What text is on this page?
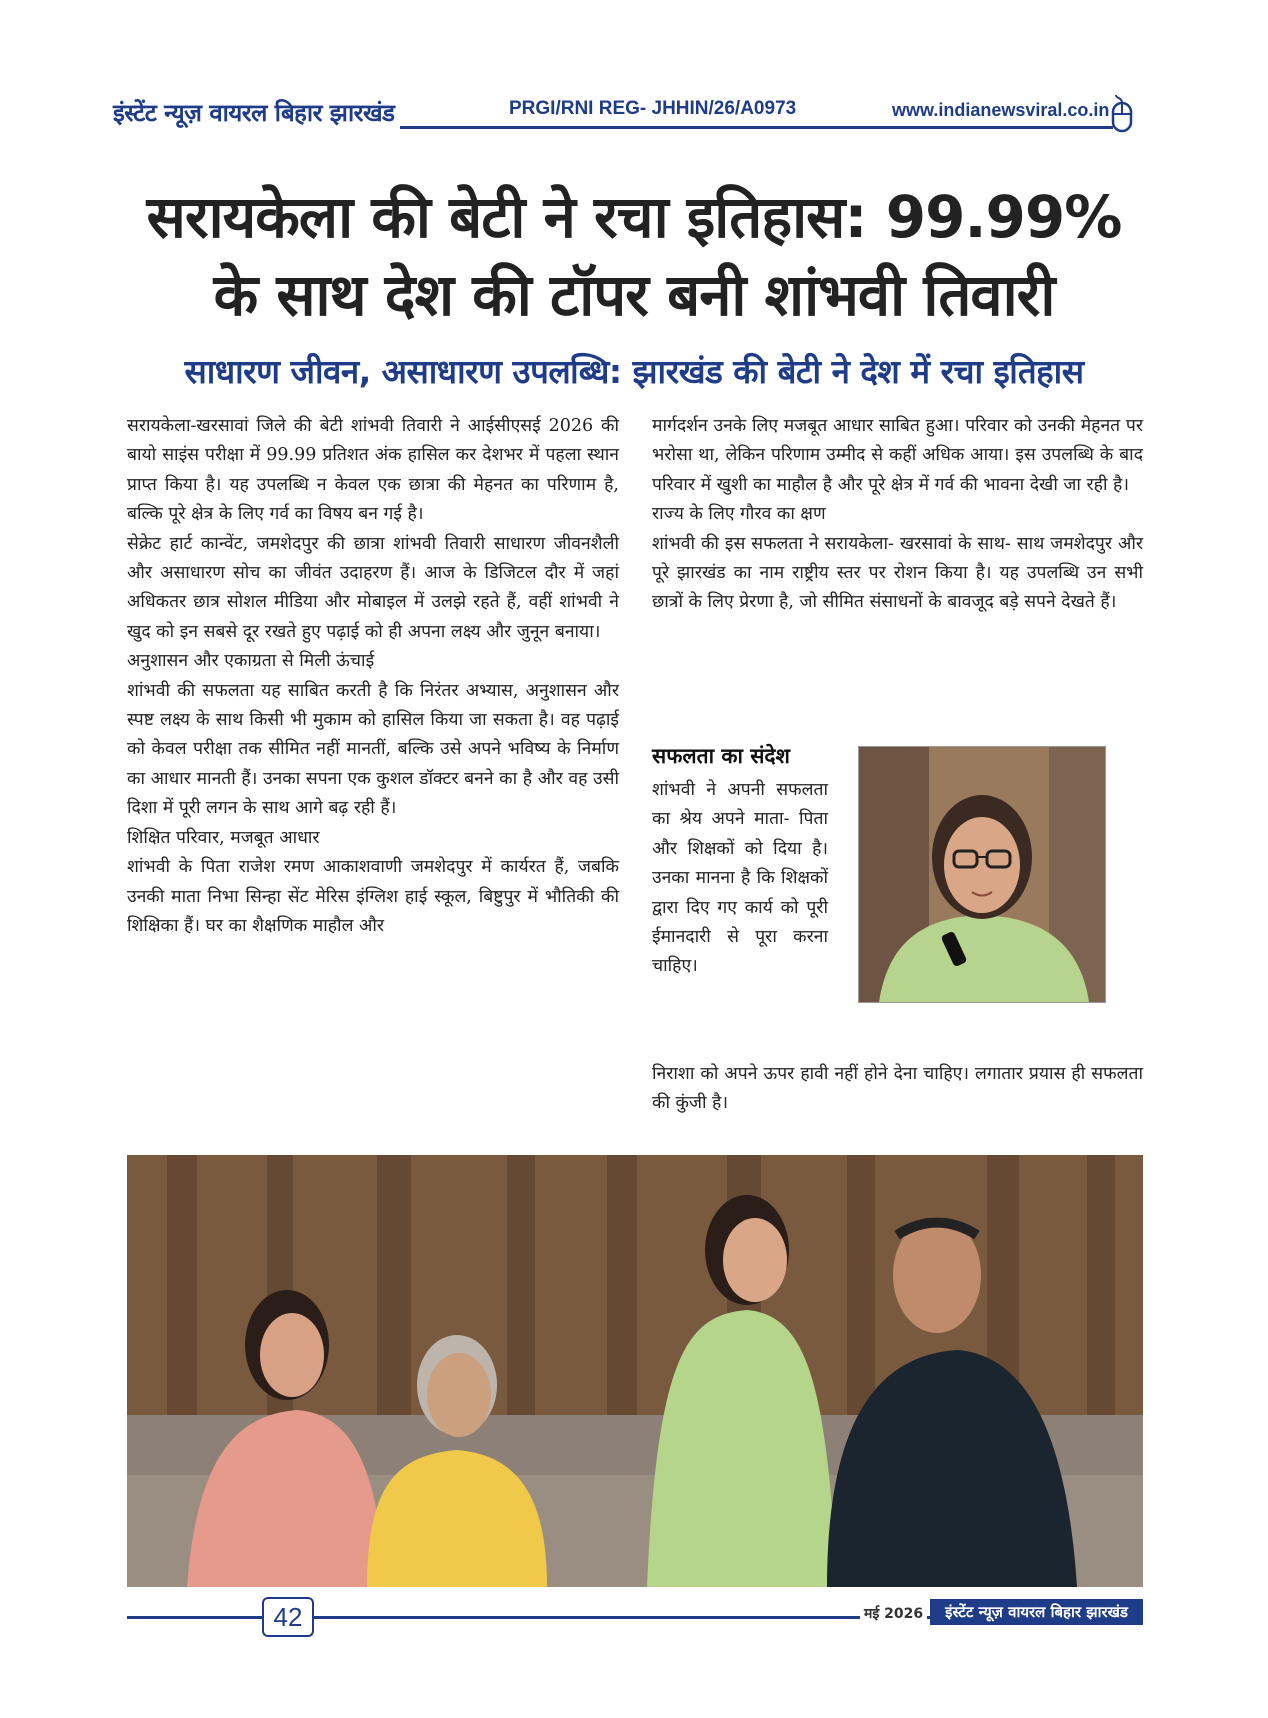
इंस्टेंट न्यूज़ वायरल बिहार झारखंड	PRGI/RNI REG- JHHIN/26/A0973	www.indianewsviral.co.in
सरायकेला की बेटी ने रचा इतिहास: 99.99%
के साथ देश की टॉपर बनी शांभवी तिवारी
साधारण जीवन, असाधारण उपलब्धि: झारखंड की बेटी ने देश में रचा इतिहास

सरायकेला-खरसावां जिले की बेटी शांभवी तिवारी ने आईसीएसई 2026 की बायो साइंस परीक्षा में 99.99 प्रतिशत अंक हासिल कर देशभर में पहला स्थान प्राप्त किया है। यह उपलब्धि न केवल एक छात्रा की मेहनत का परिणाम है, बल्कि पूरे क्षेत्र के लिए गर्व का विषय बन गई है।

सेक्रेट हार्ट कान्वेंट, जमशेदपुर की छात्रा शांभवी तिवारी साधारण जीवनशैली और असाधारण सोच का जीवंत उदाहरण हैं। आज के डिजिटल दौर में जहां अधिकतर छात्र सोशल मीडिया और मोबाइल में उलझे रहते हैं, वहीं शांभवी ने खुद को इन सबसे दूर रखते हुए पढ़ाई को ही अपना लक्ष्य और जुनून बनाया।

अनुशासन और एकाग्रता से मिली ऊंचाई

शांभवी की सफलता यह साबित करती है कि निरंतर अभ्यास, अनुशासन और स्पष्ट लक्ष्य के साथ किसी भी मुकाम को हासिल किया जा सकता है। वह पढ़ाई को केवल परीक्षा तक सीमित नहीं मानतीं, बल्कि उसे अपने भविष्य के निर्माण का आधार मानती हैं। उनका सपना एक कुशल डॉक्टर बनने का है और वह उसी दिशा में पूरी लगन के साथ आगे बढ़ रही हैं।

शिक्षित परिवार, मजबूत आधार

शांभवी के पिता राजेश रमण आकाशवाणी जमशेदपुर में कार्यरत हैं, जबकि उनकी माता निभा सिन्हा सेंट मेरिस इंग्लिश हाई स्कूल, बिष्टुपुर में भौतिकी की शिक्षिका हैं। घर का शैक्षणिक माहौल और

मार्गदर्शन उनके लिए मजबूत आधार साबित हुआ। परिवार को उनकी मेहनत पर भरोसा था, लेकिन परिणाम उम्मीद से कहीं अधिक आया। इस उपलब्धि के बाद परिवार में खुशी का माहौल है और पूरे क्षेत्र में गर्व की भावना देखी जा रही है।

राज्य के लिए गौरव का क्षण

शांभवी की इस सफलता ने सरायकेला- खरसावां के साथ- साथ जमशेदपुर और पूरे झारखंड का नाम राष्ट्रीय स्तर पर रोशन किया है। यह उपलब्धि उन सभी छात्रों के लिए प्रेरणा है, जो सीमित संसाधनों के बावजूद बड़े सपने देखते हैं।

सफलता का संदेश
शांभवी ने अपनी सफलता का श्रेय अपने माता- पिता और शिक्षकों को दिया है। उनका मानना है कि शिक्षकों द्वारा दिए गए कार्य को पूरी ईमानदारी से पूरा करना चाहिए।
निराशा को अपने ऊपर हावी नहीं होने देना चाहिए। लगातार प्रयास ही सफलता की कुंजी है।
42	मई 2026	इंस्टेंट न्यूज़ वायरल बिहार झारखंड
